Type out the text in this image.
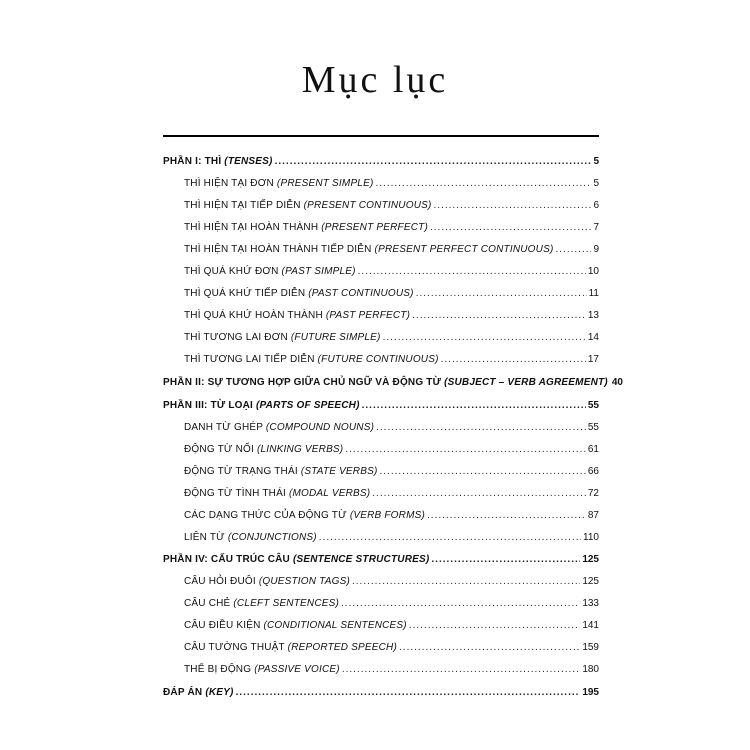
Mục lục
PHẦN I: THÌ (TENSES) .....	5
THÌ HIỆN TẠI ĐƠN (PRESENT SIMPLE) .....	5
THÌ HIỆN TẠI TIẾP DIỄN (PRESENT CONTINUOUS) .....	6
THÌ HIỆN TẠI HOÀN THÀNH (PRESENT PERFECT) .....	7
THÌ HIỆN TẠI HOÀN THÀNH TIẾP DIỄN (PRESENT PERFECT CONTINUOUS) .....	9
THÌ QUÁ KHỨ ĐƠN (PAST SIMPLE) .....	10
THÌ QUÁ KHỨ TIẾP DIỄN (PAST CONTINUOUS) .....	11
THÌ QUÁ KHỨ HOÀN THÀNH (PAST PERFECT) .....	13
THÌ TƯƠNG LAI ĐƠN (FUTURE SIMPLE) .....	14
THÌ TƯƠNG LAI TIẾP DIỄN (FUTURE CONTINUOUS) .....	17
PHẦN II: SỰ TƯƠNG HỢP GIỮA CHỦ NGỮ VÀ ĐỘNG TỪ (SUBJECT – VERB AGREEMENT) 40
PHẦN III: TỪ LOẠI (PARTS OF SPEECH) .....	55
DANH TỪ GHÉP (COMPOUND NOUNS) .....	55
ĐỘNG TỪ NỐI (LINKING VERBS) .....	61
ĐỘNG TỪ TRẠNG THÁI (STATE VERBS) .....	66
ĐỘNG TỪ TÌNH THÁI (MODAL VERBS) .....	72
CÁC DẠNG THỨC CỦA ĐỘNG TỪ (VERB FORMS) .....	87
LIÊN TỪ (CONJUNCTIONS) .....	110
PHẦN IV: CẤU TRÚC CÂU (SENTENCE STRUCTURES) .....	125
CÂU HỎI ĐUÔI (QUESTION TAGS) .....	125
CÂU CHẺ (CLEFT SENTENCES) .....	133
CÂU ĐIỀU KIỆN (CONDITIONAL SENTENCES) .....	141
CÂU TƯỜNG THUẬT (REPORTED SPEECH) .....	159
THỂ BỊ ĐỘNG (PASSIVE VOICE) .....	180
ĐÁP ÁN (KEY) .....	195
